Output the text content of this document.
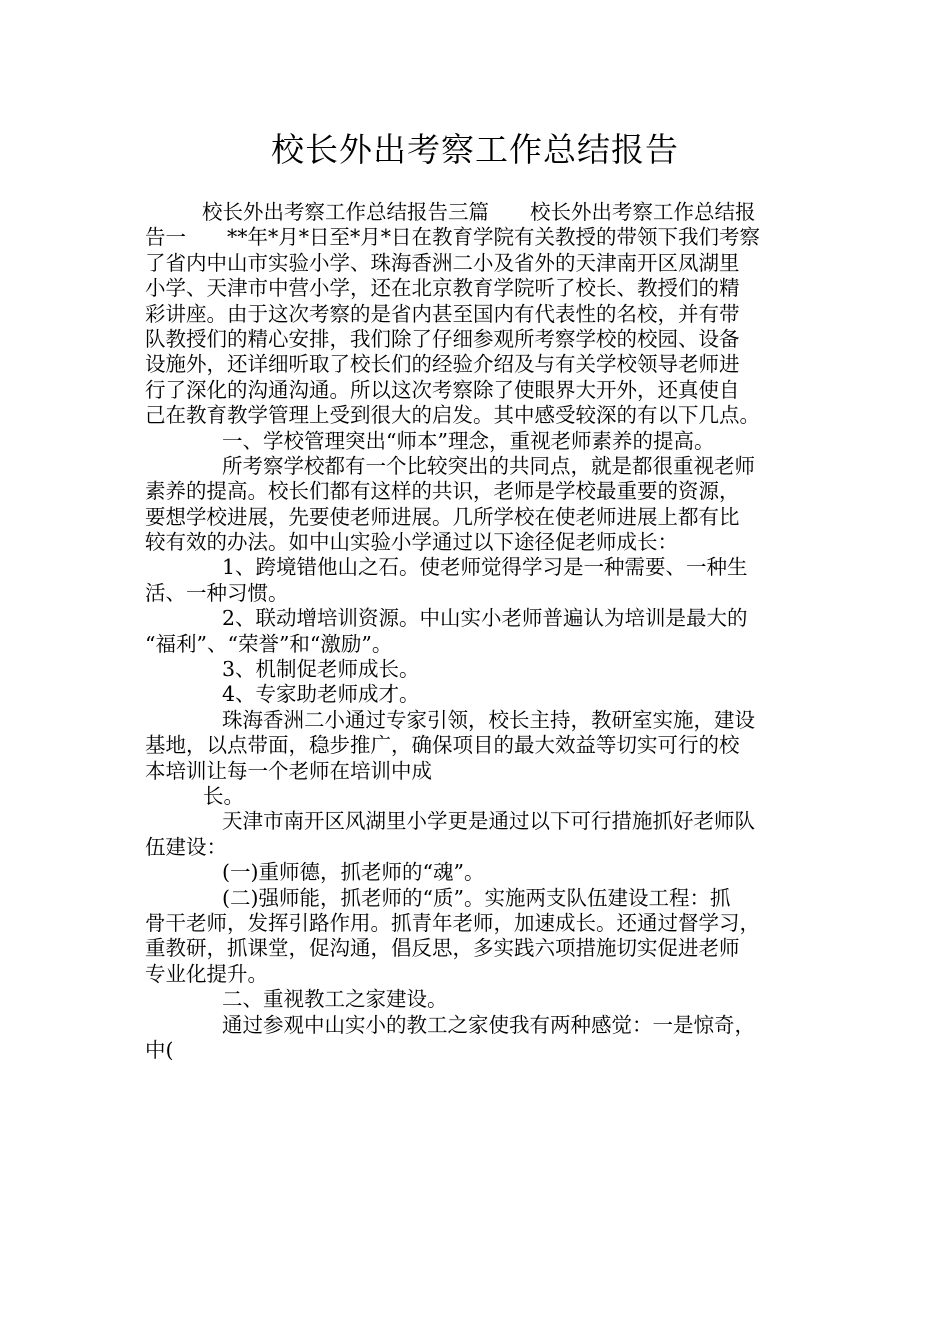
校长外出考察工作总结报告
校长外出考察工作总结报告三篇　　校长外出考察工作总结报
告一　　**年*月*日至*月*日在教育学院有关教授的带领下我们考察
了省内中山市实验小学、珠海香洲二小及省外的天津南开区凤湖里
小学、天津市中营小学，还在北京教育学院听了校长、教授们的精
彩讲座。由于这次考察的是省内甚至国内有代表性的名校，并有带
队教授们的精心安排，我们除了仔细参观所考察学校的校园、设备
设施外，还详细听取了校长们的经验介绍及与有关学校领导老师进
行了深化的沟通沟通。所以这次考察除了使眼界大开外，还真使自
己在教育教学管理上受到很大的启发。其中感受较深的有以下几点。
一、学校管理突出“师本”理念，重视老师素养的提高。
所考察学校都有一个比较突出的共同点，就是都很重视老师
素养的提高。校长们都有这样的共识，老师是学校最重要的资源，
要想学校进展，先要使老师进展。几所学校在使老师进展上都有比
较有效的办法。如中山实验小学通过以下途径促老师成长：
1、跨境错他山之石。使老师觉得学习是一种需要、一种生
活、一种习惯。
2、联动增培训资源。中山实小老师普遍认为培训是最大的
“福利”、“荣誉”和“激励”。
3、机制促老师成长。
4、专家助老师成才。
珠海香洲二小通过专家引领，校长主持，教研室实施，建设
基地，以点带面，稳步推广，确保项目的最大效益等切实可行的校
本培训让每一个老师在培训中成
长。
天津市南开区风湖里小学更是通过以下可行措施抓好老师队
伍建设：
(一)重师德，抓老师的“魂”。
(二)强师能，抓老师的“质”。实施两支队伍建设工程：抓
骨干老师，发挥引路作用。抓青年老师，加速成长。还通过督学习，
重教研，抓课堂，促沟通，倡反思，多实践六项措施切实促进老师
专业化提升。
二、重视教工之家建设。
通过参观中山实小的教工之家使我有两种感觉：一是惊奇，
中(
